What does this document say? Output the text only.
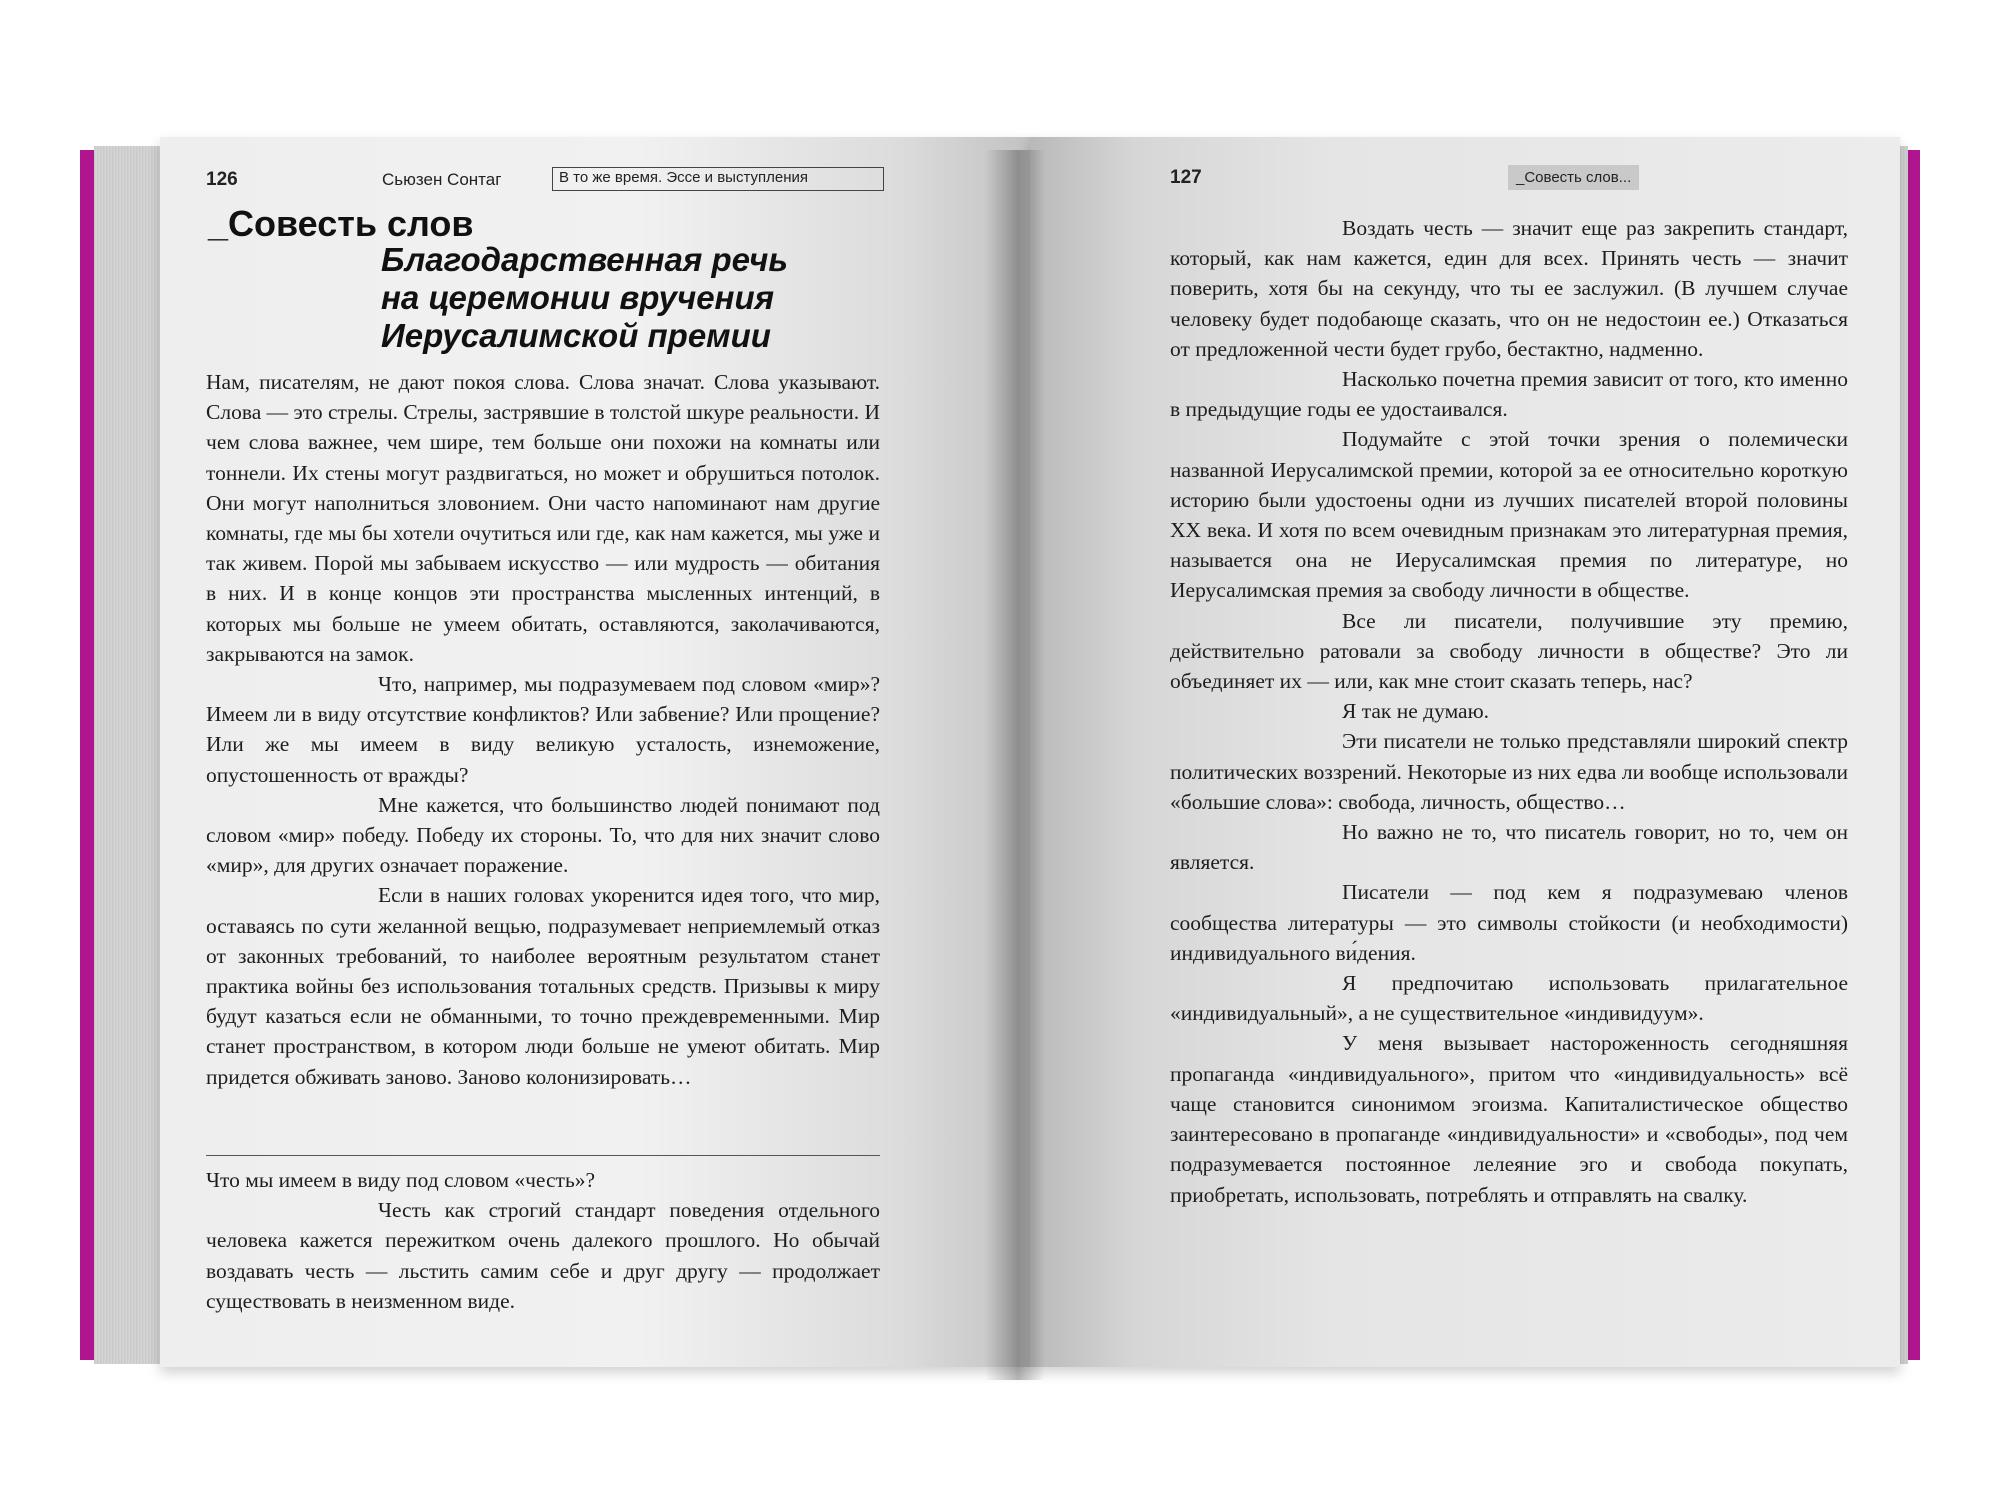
126	Сьюзен Сонтаг	В то же время. Эссе и выступления
_Совесть слов
Благодарственная речь
на церемонии вручения
Иерусалимской премии

Нам, писателям, не дают покоя слова. Слова значат. Слова указывают. Слова — это стрелы. Стрелы, застрявшие в толстой шкуре реальности. И чем слова важнее, чем шире, тем больше они похожи на комнаты или тоннели. Их стены могут раздвигаться, но может и обрушиться потолок. Они могут наполниться зловонием. Они часто напоминают нам другие комнаты, где мы бы хотели очутиться или где, как нам кажется, мы уже и так живем. Порой мы забываем искусство — или мудрость — обитания в них. И в конце концов эти пространства мысленных интенций, в которых мы больше не умеем обитать, оставляются, заколачиваются, закрываются на замок.

Что, например, мы подразумеваем под словом «мир»? Имеем ли в виду отсутствие конфликтов? Или забвение? Или прощение? Или же мы имеем в виду великую усталость, изнеможение, опустошенность от вражды?

Мне кажется, что большинство людей понимают под словом «мир» победу. Победу их стороны. То, что для них значит слово «мир», для других означает поражение.

Если в наших головах укоренится идея того, что мир, оставаясь по сути желанной вещью, подразумевает неприемлемый отказ от законных требований, то наиболее вероятным результатом станет практика войны без использования тотальных средств. Призывы к миру будут казаться если не обманными, то точно преждевременными. Мир станет пространством, в котором люди больше не умеют обитать. Мир придется обживать заново. Заново колонизировать…

Что мы имеем в виду под словом «честь»?

Честь как строгий стандарт поведения отдельного человека кажется пережитком очень далекого прошлого. Но обычай воздавать честь — льстить самим себе и друг другу — продолжает существовать в неизменном виде.

127	_Совесть слов...

Воздать честь — значит еще раз закрепить стандарт, который, как нам кажется, един для всех. Принять честь — значит поверить, хотя бы на секунду, что ты ее заслужил. (В лучшем случае человеку будет подобающе сказать, что он не недостоин ее.) Отказаться от предложенной чести будет грубо, бестактно, надменно.

Насколько почетна премия зависит от того, кто именно в предыдущие годы ее удостаивался.

Подумайте с этой точки зрения о полемически названной Иерусалимской премии, которой за ее относительно короткую историю были удостоены одни из лучших писателей второй половины XX века. И хотя по всем очевидным признакам это литературная премия, называется она не Иерусалимская премия по литературе, но Иерусалимская премия за свободу личности в обществе.

Все ли писатели, получившие эту премию, действительно ратовали за свободу личности в обществе? Это ли объединяет их — или, как мне стоит сказать теперь, нас?

Я так не думаю.

Эти писатели не только представляли широкий спектр политических воззрений. Некоторые из них едва ли вообще использовали «большие слова»: свобода, личность, общество…

Но важно не то, что писатель говорит, но то, чем он является.

Писатели — под кем я подразумеваю членов сообщества литературы — это символы стойкости (и необходимости) индивидуального ви́дения.

Я предпочитаю использовать прилагательное «индивидуальный», а не существительное «индивидуум».

У меня вызывает настороженность сегодняшняя пропаганда «индивидуального», притом что «индивидуальность» всё чаще становится синонимом эгоизма. Капиталистическое общество заинтересовано в пропаганде «индивидуальности» и «свободы», под чем подразумевается постоянное лелеяние эго и свобода покупать, приобретать, использовать, потреблять и отправлять на свалку.
